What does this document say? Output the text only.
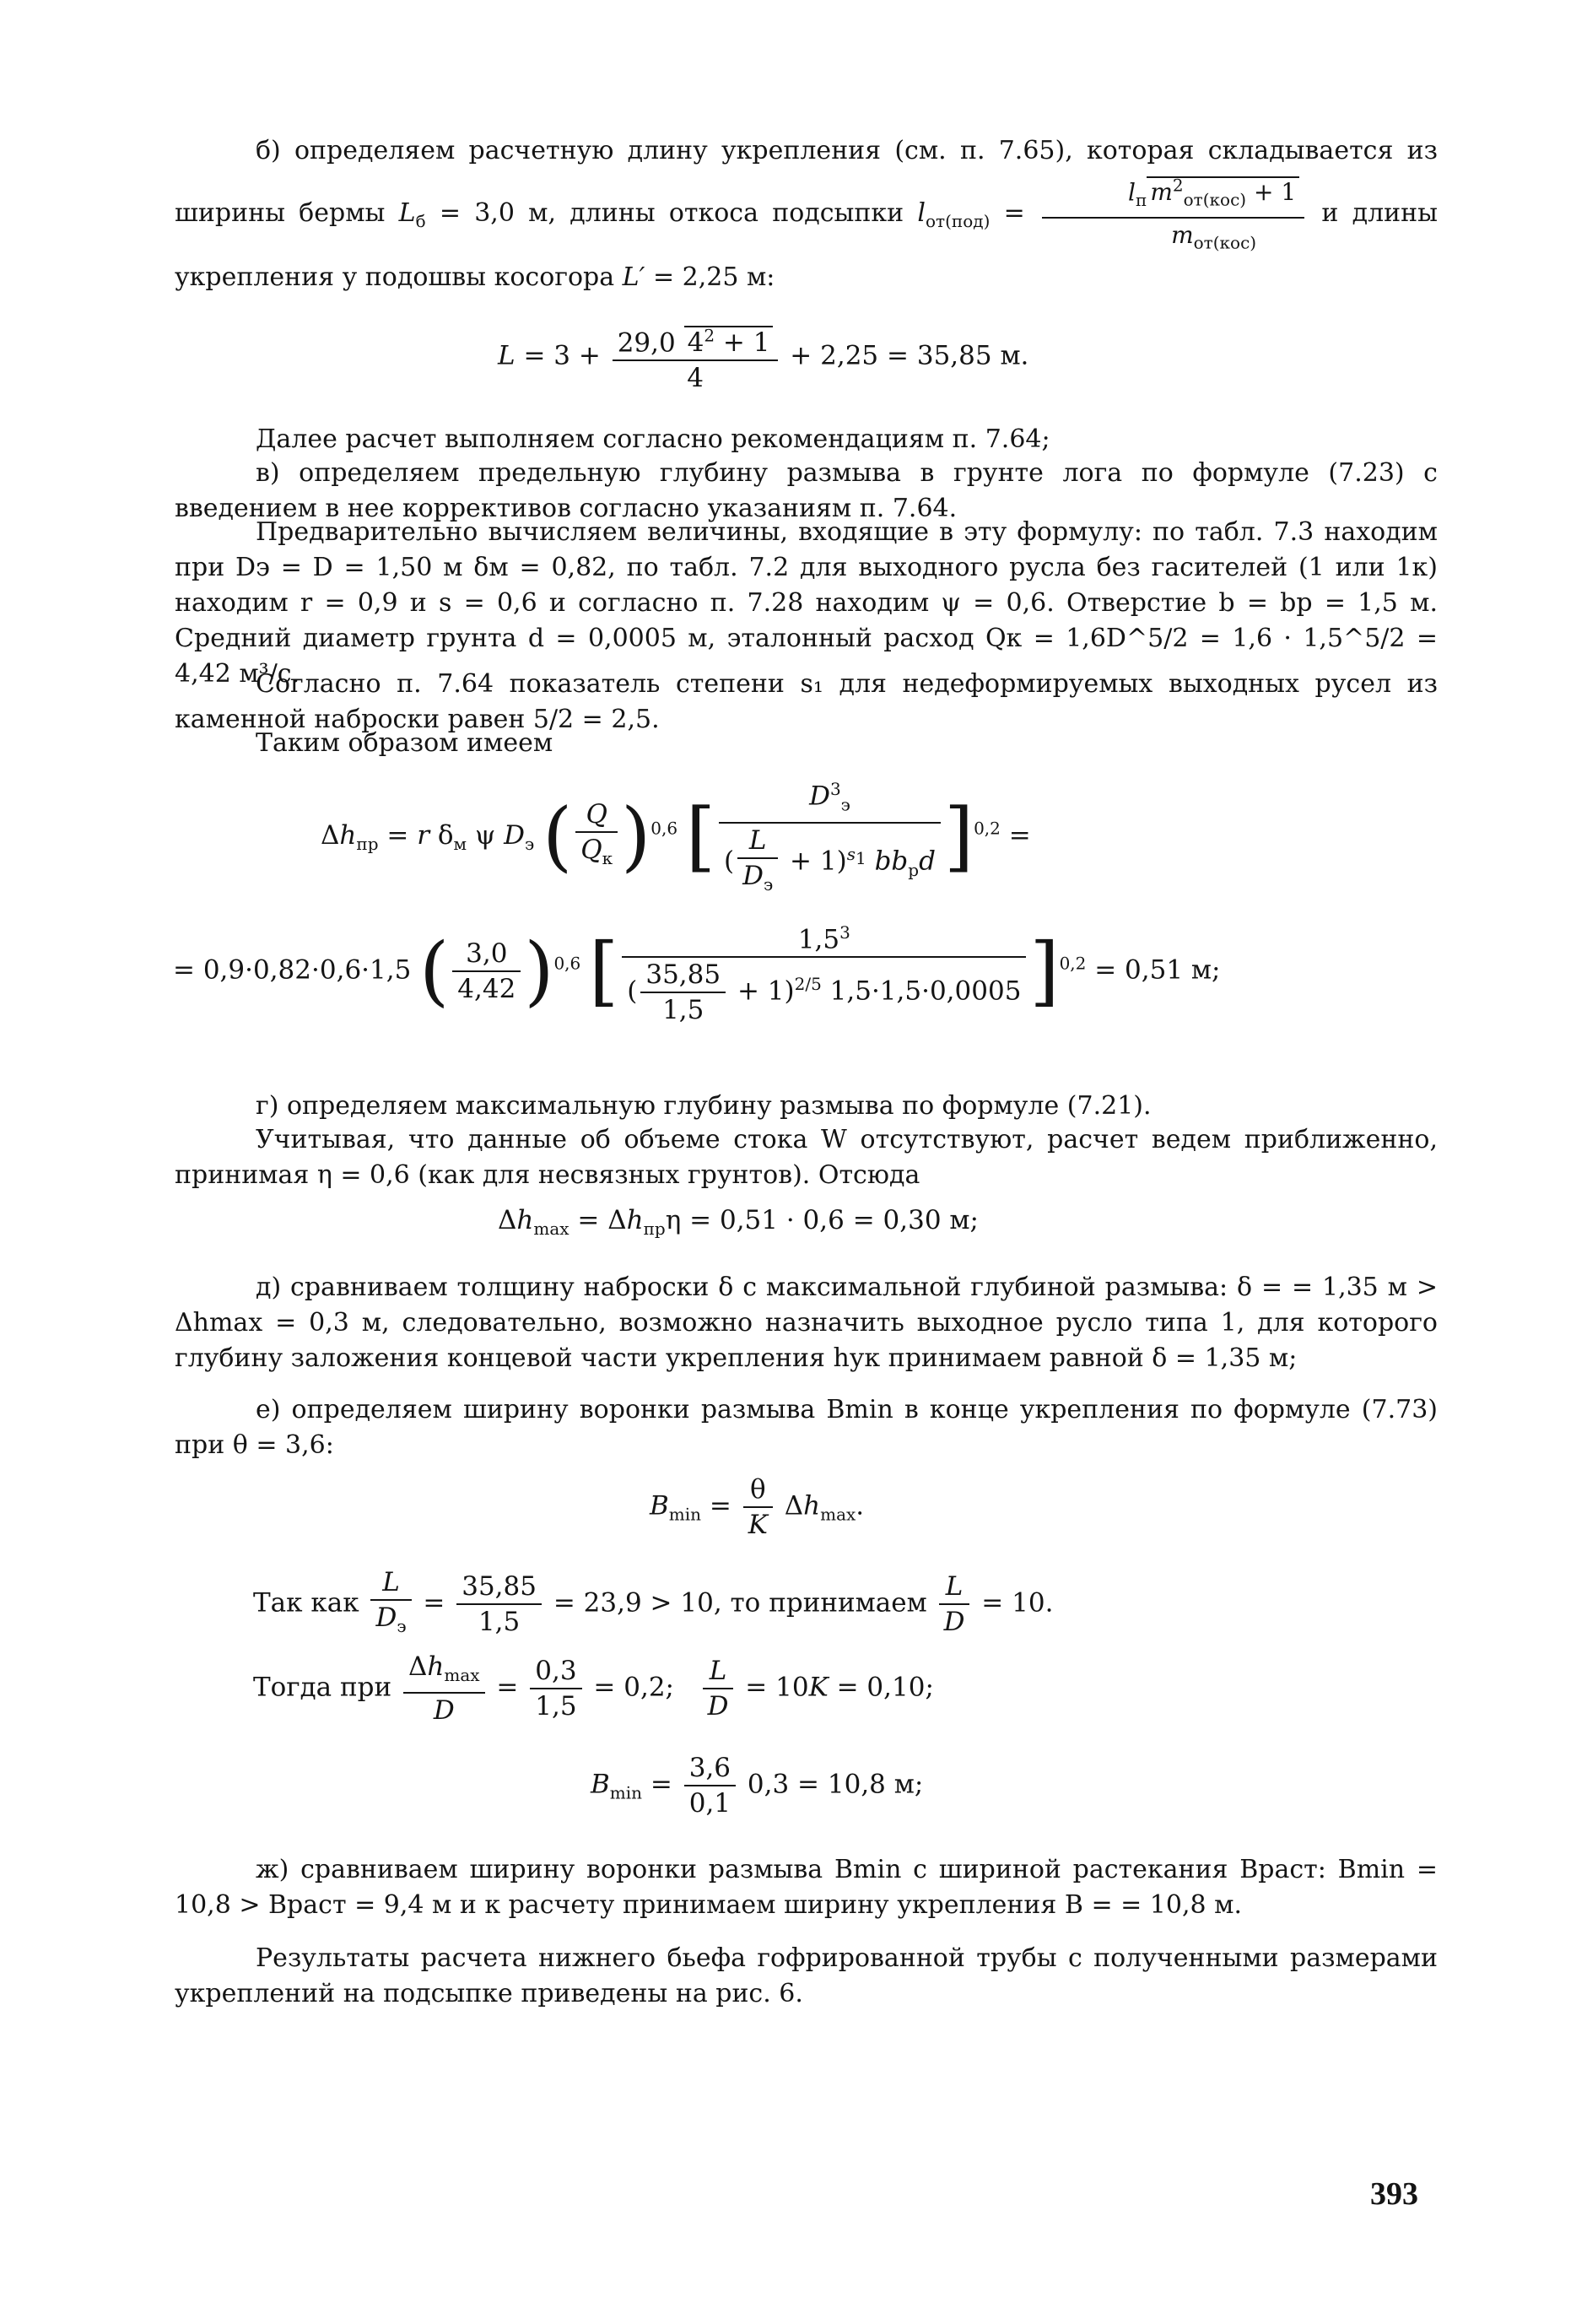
б) определяем расчетную длину укрепления (см. п. 7.65), которая складывается из ширины бермы $L_б = 3,0$ м, длины откоса подсыпки $l_{от(под)} = \frac{l_п m^2_{от(кос)} + 1}{m_{от(кос)}}$ и длины укрепления у подошвы косогора L′ = 2,25 м:
$L = 3 + \frac{29,0 4^2 + 1}{4} + 2,25 = 35,85$ м.
Далее расчет выполняем согласно рекомендациям п. 7.64;
в) определяем предельную глубину размыва в грунте лога по формуле (7.23) с введением в нее коррективов согласно указаниям п. 7.64.
Предварительно вычисляем величины, входящие в эту формулу: по табл. 7.3 находим при Dэ = D = 1,50 м δм = 0,82, по табл. 7.2 для выходного русла без гасителей (1 или 1к) находим r = 0,9 и s = 0,6 и согласно п. 7.28 находим ψ = 0,6. Отверстие b = bр = 1,5 м. Средний диаметр грунта d = 0,0005 м, эталонный расход Qк = 1,6D^5/2 = 1,6 · 1,5^5/2 = 4,42 м³/с.
Согласно п. 7.64 показатель степени s₁ для недеформируемых выходных русел из каменной наброски равен 5/2 = 2,5.
Таким образом имеем
$\Delta h_{пр} = r$ $\delta_м$ ψ $D_э$ ( $\frac{Q}{Q_к} )^{0,6}$ [ $\frac{D^3_э}{( \frac{L}{D_э} + 1)^{s_1} bb_рd} ]^{0,2}$ =
= 0,9·0,82·0,6·1,5 ( $\frac{3,0}{4,42} )^{0,6}$ [ $\frac{1,5^3}{( \frac{35,85}{1,5} + 1)^{2/5} 1,5\cdot 1,5\cdot 0,0005} ]^{0,2} = 0,51$ м;
г) определяем максимальную глубину размыва по формуле (7.21).
Учитывая, что данные об объеме стока W отсутствуют, расчет ведем приближенно, принимая η = 0,6 (как для несвязных грунтов). Отсюда
$\Delta h_{max} = \Delta h_{пр}\eta = 0,51 \cdot 0,6 = 0,30$ м;
д) сравниваем толщину наброски δ с максимальной глубиной размыва: δ = = 1,35 м > Δhmax = 0,3 м, следовательно, возможно назначить выходное русло типа 1, для которого глубину заложения концевой части укрепления hук принимаем равной δ = 1,35 м;
е) определяем ширину воронки размыва Bmin в конце укрепления по формуле (7.73) при θ = 3,6:
$B_{min} = \frac{\theta}{K} \Delta h_{max}$.
Так как $\frac{L}{D_э} = \frac{35,85}{1,5} = 23,9 > 10$, то принимаем $\frac{L}{D} = 10$.
Тогда при $\frac{\Delta h_{max}}{D} = \frac{0,3}{1,5} = 0,2$; $\frac{L}{D} = 10K = 0,10$;
$B_{min} = \frac{3,6}{0,1} 0,3 = 10,8$ м;
ж) сравниваем ширину воронки размыва Bmin с шириной растекания Bраст: Bmin = 10,8 > Bраст = 9,4 м и к расчету принимаем ширину укрепления B = = 10,8 м.
Результаты расчета нижнего бьефа гофрированной трубы с полученными размерами укреплений на подсыпке приведены на рис. 6.
393
